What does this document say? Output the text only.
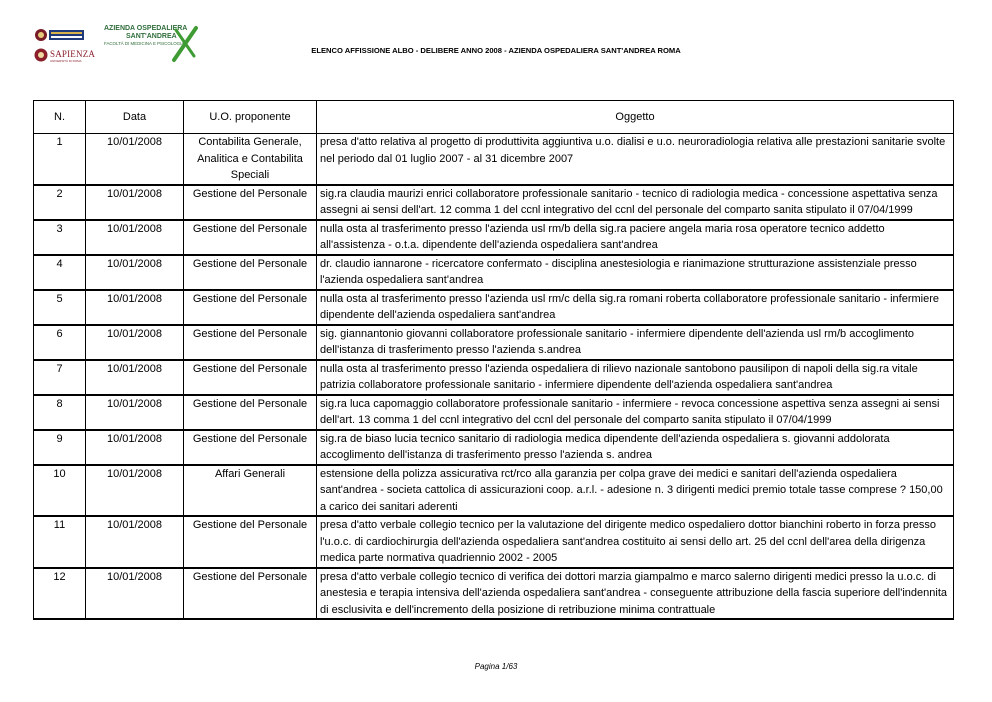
SAPIENZA
UNIVERSITÀ DI ROMA
AZIENDA OSPEDALIERA
SANT'ANDREA
FACOLTÀ DI MEDICINA E PSICOLOGIA
ELENCO AFFISSIONE ALBO - DELIBERE ANNO 2008 - AZIENDA OSPEDALIERA SANT'ANDREA ROMA
N.	Data	U.O. proponente	Oggetto
1	10/01/2008	Contabilita Generale, Analitica e Contabilita Speciali	presa d'atto relativa al progetto di produttivita aggiuntiva u.o. dialisi e u.o. neuroradiologia relativa alle prestazioni sanitarie svolte nel periodo dal 01 luglio 2007 - al 31 dicembre 2007
2	10/01/2008	Gestione del Personale	sig.ra claudia maurizi enrici collaboratore professionale sanitario - tecnico di radiologia medica - concessione aspettativa senza assegni ai sensi dell'art. 12 comma 1 del ccnl integrativo del ccnl del personale del comparto sanita stipulato il 07/04/1999
3	10/01/2008	Gestione del Personale	nulla osta al trasferimento presso l'azienda usl rm/b della sig.ra paciere angela maria rosa operatore tecnico addetto all'assistenza - o.t.a. dipendente dell'azienda ospedaliera sant'andrea
4	10/01/2008	Gestione del Personale	dr. claudio iannarone - ricercatore confermato - disciplina anestesiologia e rianimazione strutturazione assistenziale presso l'azienda ospedaliera sant'andrea
5	10/01/2008	Gestione del Personale	nulla osta al trasferimento presso l'azienda usl rm/c della sig.ra romani roberta collaboratore professionale sanitario - infermiere dipendente dell'azienda ospedaliera sant'andrea
6	10/01/2008	Gestione del Personale	sig. giannantonio giovanni collaboratore professionale sanitario - infermiere dipendente dell'azienda usl rm/b accoglimento dell'istanza di trasferimento presso l'azienda s.andrea
7	10/01/2008	Gestione del Personale	nulla osta al trasferimento presso l'azienda ospedaliera di rilievo nazionale santobono pausilipon di napoli della sig.ra vitale patrizia collaboratore professionale sanitario - infermiere dipendente dell'azienda ospedaliera sant'andrea
8	10/01/2008	Gestione del Personale	sig.ra luca capomaggio collaboratore professionale sanitario - infermiere - revoca concessione aspettiva senza assegni ai sensi dell'art. 13 comma 1 del ccnl integrativo del ccnl del personale del comparto sanita stipulato il 07/04/1999
9	10/01/2008	Gestione del Personale	sig.ra de biaso lucia tecnico sanitario di radiologia medica dipendente dell'azienda ospedaliera s. giovanni addolorata accoglimento dell'istanza di trasferimento presso l'azienda s. andrea
10	10/01/2008	Affari Generali	estensione della polizza assicurativa rct/rco alla garanzia per colpa grave dei medici e sanitari dell'azienda ospedaliera sant'andrea - societa cattolica di assicurazioni coop. a.r.l. - adesione n. 3 dirigenti medici premio totale tasse comprese ? 150,00 a carico dei sanitari aderenti
11	10/01/2008	Gestione del Personale	presa d'atto verbale collegio tecnico per la valutazione del dirigente medico ospedaliero dottor bianchini roberto in forza presso l'u.o.c. di cardiochirurgia dell'azienda ospedaliera sant'andrea costituito ai sensi dello art. 25 del ccnl dell'area della dirigenza medica parte normativa quadriennio 2002 - 2005
12	10/01/2008	Gestione del Personale	presa d'atto verbale collegio tecnico di verifica dei dottori marzia giampalmo e marco salerno dirigenti medici presso la u.o.c. di anestesia e terapia intensiva dell'azienda ospedaliera sant'andrea - conseguente attribuzione della fascia superiore dell'indennita di esclusivita e dell'incremento della posizione di retribuzione minima contrattuale
Pagina 1/63
